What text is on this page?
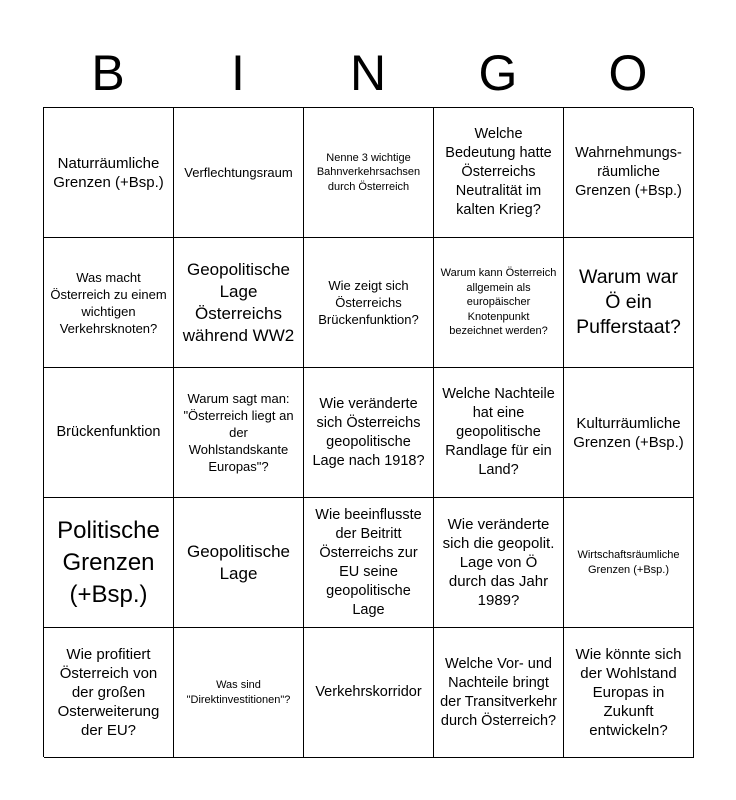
B	I	N	G	O
Naturräumliche Grenzen (+Bsp.)
Verflechtungsraum
Nenne 3 wichtige Bahnverkehrsachsen durch Österreich
Welche Bedeutung hatte Österreichs Neutralität im kalten Krieg?
Wahrnehmungs-räumliche Grenzen (+Bsp.)
Was macht Österreich zu einem wichtigen Verkehrsknoten?
Geopolitische Lage Österreichs während WW2
Wie zeigt sich Österreichs Brückenfunktion?
Warum kann Österreich allgemein als europäischer Knotenpunkt bezeichnet werden?
Warum war Ö ein Pufferstaat?
Brückenfunktion
Warum sagt man: "Österreich liegt an der Wohlstandskante Europas"?
Wie veränderte sich Österreichs geopolitische Lage nach 1918?
Welche Nachteile hat eine geopolitische Randlage für ein Land?
Kulturräumliche Grenzen (+Bsp.)
Politische Grenzen (+Bsp.)
Geopolitische Lage
Wie beeinflusste der Beitritt Österreichs zur EU seine geopolitische Lage
Wie veränderte sich die geopolit. Lage von Ö durch das Jahr 1989?
Wirtschaftsräumliche Grenzen (+Bsp.)
Wie profitiert Österreich von der großen Osterweiterung der EU?
Was sind "Direktinvestitionen"?	Verkehrskorridor
Welche Vor- und Nachteile bringt der Transitverkehr durch Österreich?
Wie könnte sich der Wohlstand Europas in Zukunft entwickeln?
